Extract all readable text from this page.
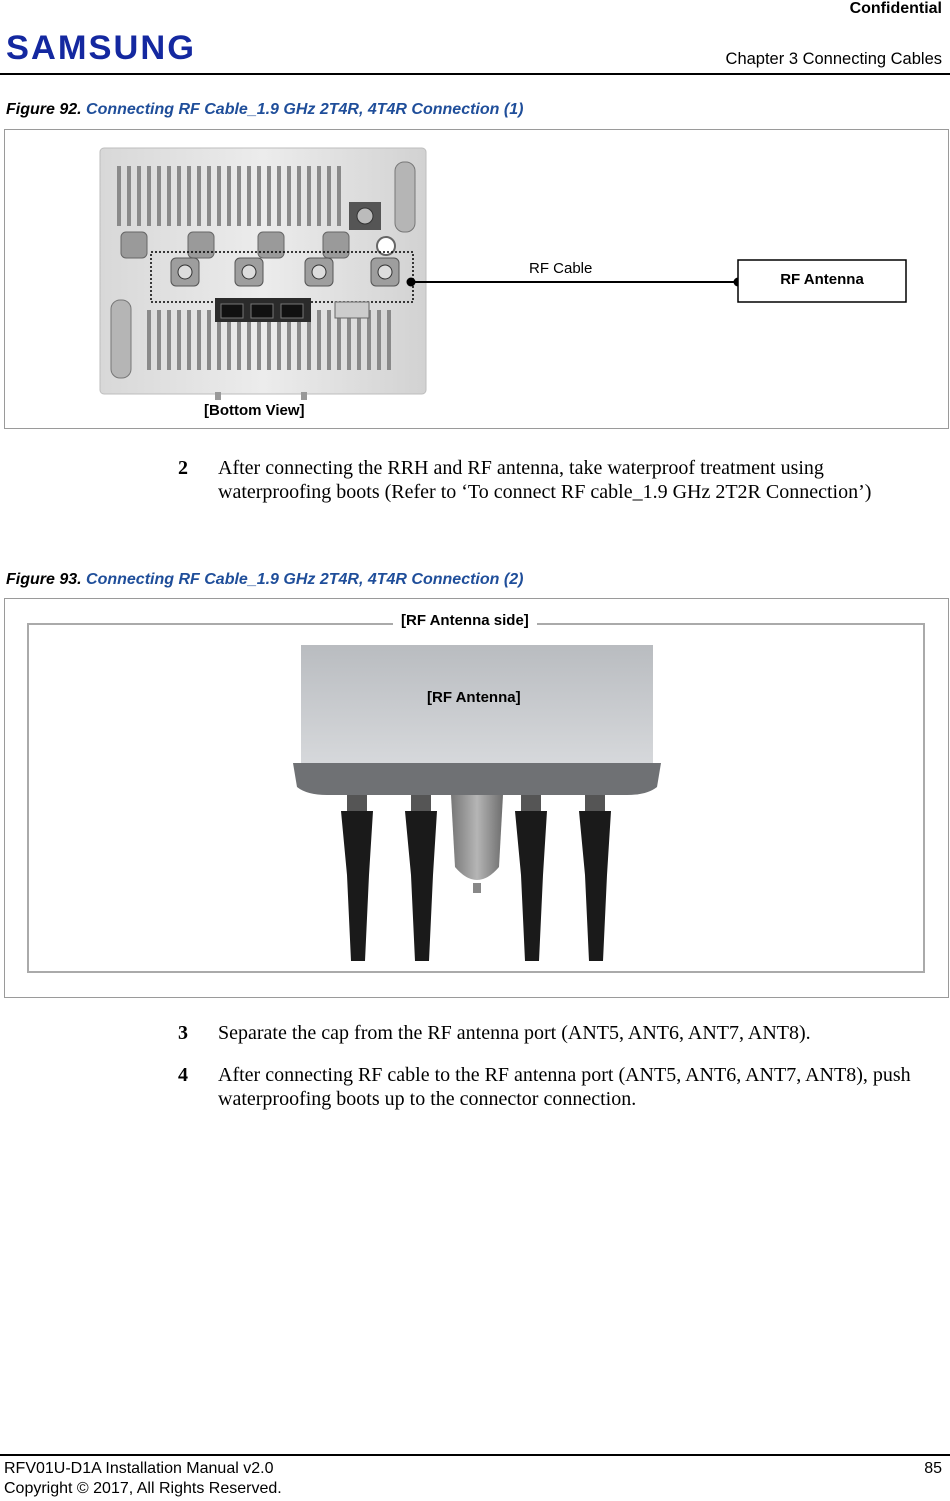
Confidential
SAMSUNG	Chapter 3 Connecting Cables
Figure 92. Connecting RF Cable_1.9 GHz 2T4R, 4T4R Connection (1)
RF Cable
RF Antenna
[Bottom View]
2 After connecting the RRH and RF antenna, take waterproof treatment using waterproofing boots (Refer to ‘To connect RF cable_1.9 GHz 2T2R Connection’)
Figure 93. Connecting RF Cable_1.9 GHz 2T4R, 4T4R Connection (2)
[RF Antenna side]
[RF Antenna]
3 Separate the cap from the RF antenna port (ANT5, ANT6, ANT7, ANT8).
4 After connecting RF cable to the RF antenna port (ANT5, ANT6, ANT7, ANT8), push waterproofing boots up to the connector connection.
RFV01U-D1A Installation Manual v2.0	85
Copyright © 2017, All Rights Reserved.
